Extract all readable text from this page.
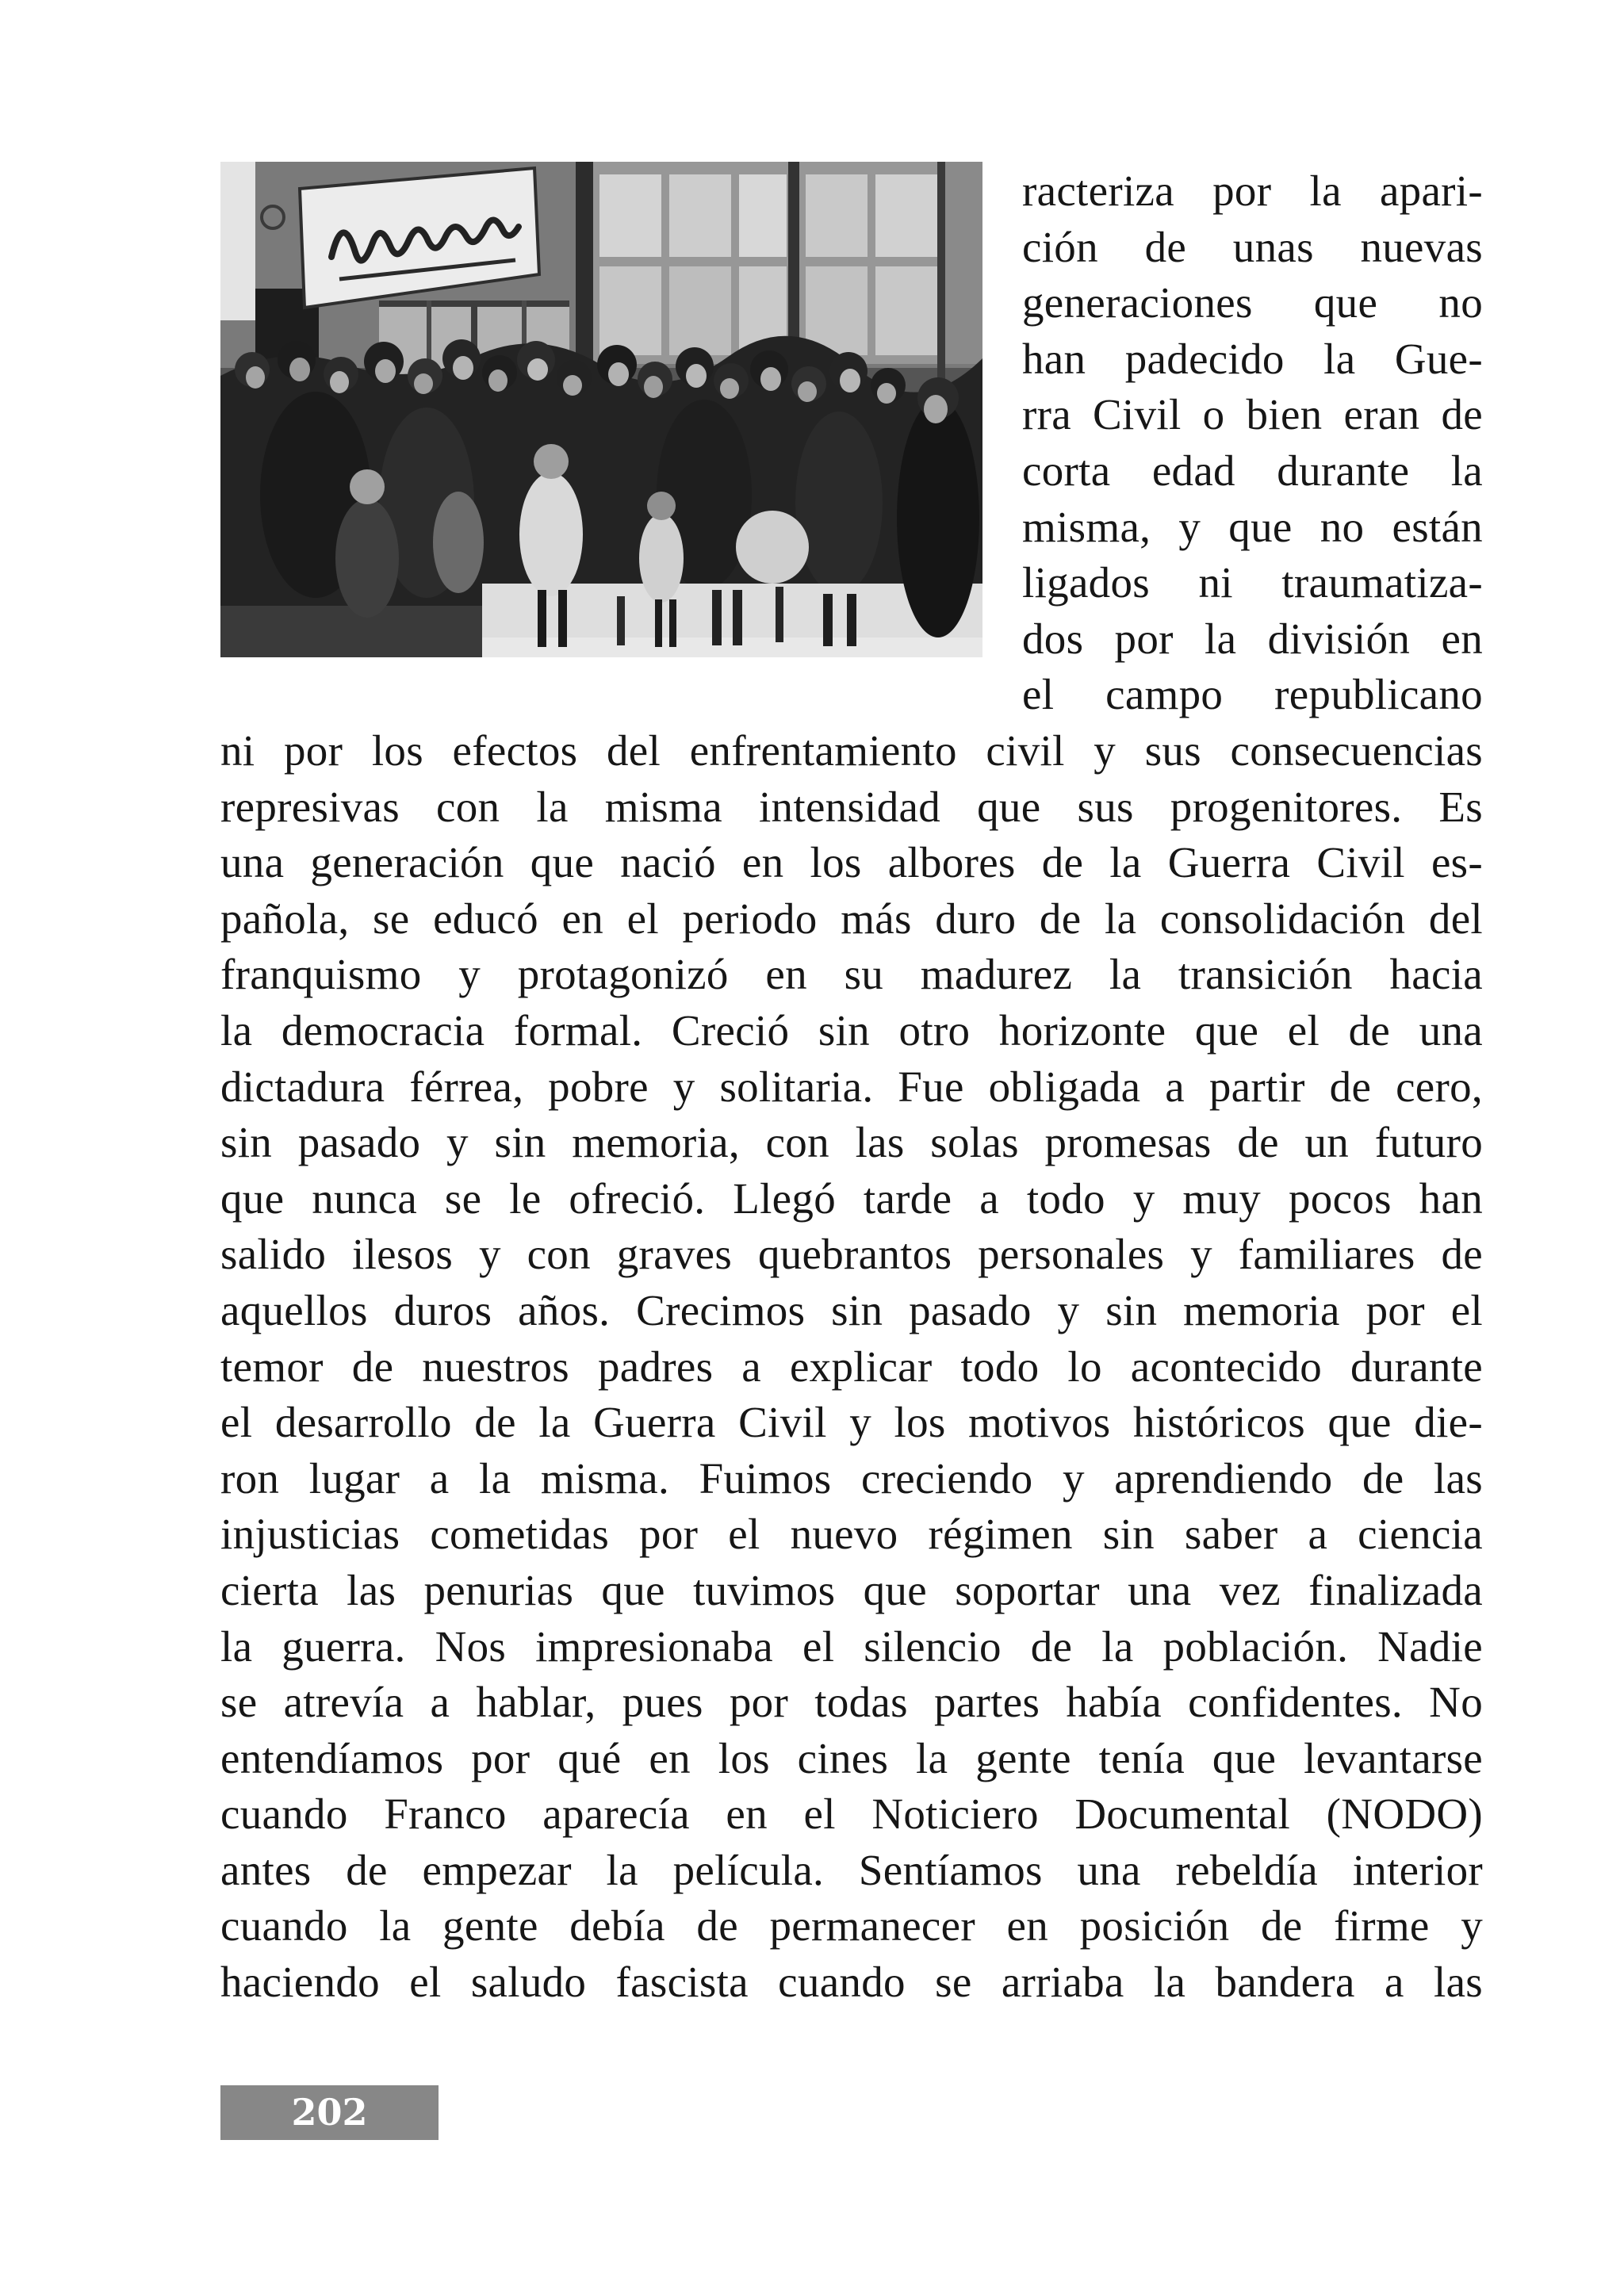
racteriza por la apari-
ción de unas nuevas
generaciones que no
han padecido la Gue-
rra Civil o bien eran de
corta edad durante la
misma, y que no están
ligados ni traumatiza-
dos por la división en
el campo republicano
ni por los efectos del enfrentamiento civil y sus consecuencias
represivas con la misma intensidad que sus progenitores. Es
una generación que nació en los albores de la Guerra Civil es-
pañola, se educó en el periodo más duro de la consolidación del
franquismo y protagonizó en su madurez la transición hacia
la democracia formal. Creció sin otro horizonte que el de una
dictadura férrea, pobre y solitaria. Fue obligada a partir de cero,
sin pasado y sin memoria, con las solas promesas de un futuro
que nunca se le ofreció. Llegó tarde a todo y muy pocos han
salido ilesos y con graves quebrantos personales y familiares de
aquellos duros años. Crecimos sin pasado y sin memoria por el
temor de nuestros padres a explicar todo lo acontecido durante
el desarrollo de la Guerra Civil y los motivos históricos que die-
ron lugar a la misma. Fuimos creciendo y aprendiendo de las
injusticias cometidas por el nuevo régimen sin saber a ciencia
cierta las penurias que tuvimos que soportar una vez finalizada
la guerra. Nos impresionaba el silencio de la población. Nadie
se atrevía a hablar, pues por todas partes había confidentes. No
entendíamos por qué en los cines la gente tenía que levantarse
cuando Franco aparecía en el Noticiero Documental (NODO)
antes de empezar la película. Sentíamos una rebeldía interior
cuando la gente debía de permanecer en posición de firme y
haciendo el saludo fascista cuando se arriaba la bandera a las
202
